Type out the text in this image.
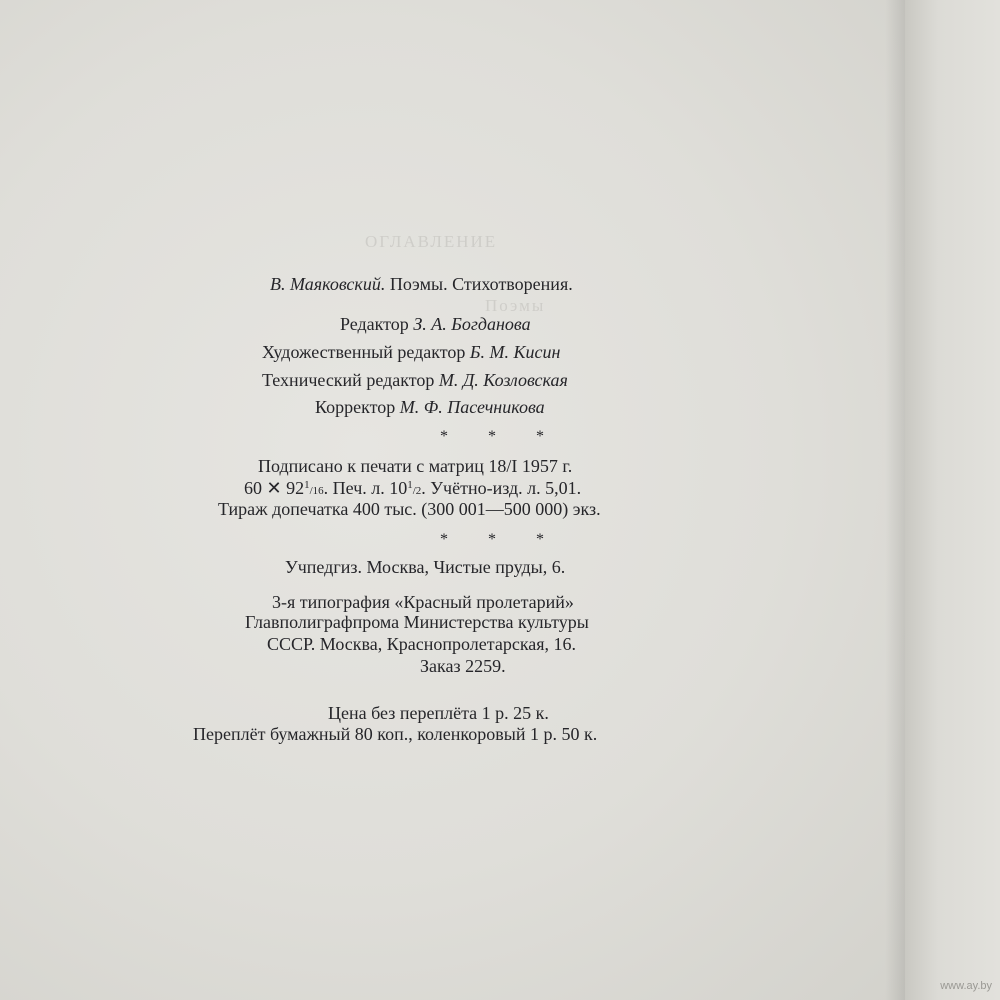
ОГЛАВЛЕНИЕ
Поэмы
В. Маяковский. Поэмы. Стихотворения.
Редактор З. А. Богданова
Художественный редактор Б. М. Кисин
Технический редактор М. Д. Козловская
Корректор М. Ф. Пасечникова
* * *
Подписано к печати с матриц 18/I 1957 г.
60 ✕ $92^1/16$. Печ. л. $10^1/2$. Учётно-изд. л. 5,01.
Тираж допечатка 400 тыс. (300 001—500 000) экз.
* * *
Учпедгиз. Москва, Чистые пруды, 6.
3-я типография «Красный пролетарий»
Главполиграфпрома Министерства культуры
СССР. Москва, Краснопролетарская, 16.
Заказ 2259.
Цена без переплёта 1 р. 25 к.
Переплёт бумажный 80 коп., коленкоровый 1 р. 50 к.
www.ay.by
